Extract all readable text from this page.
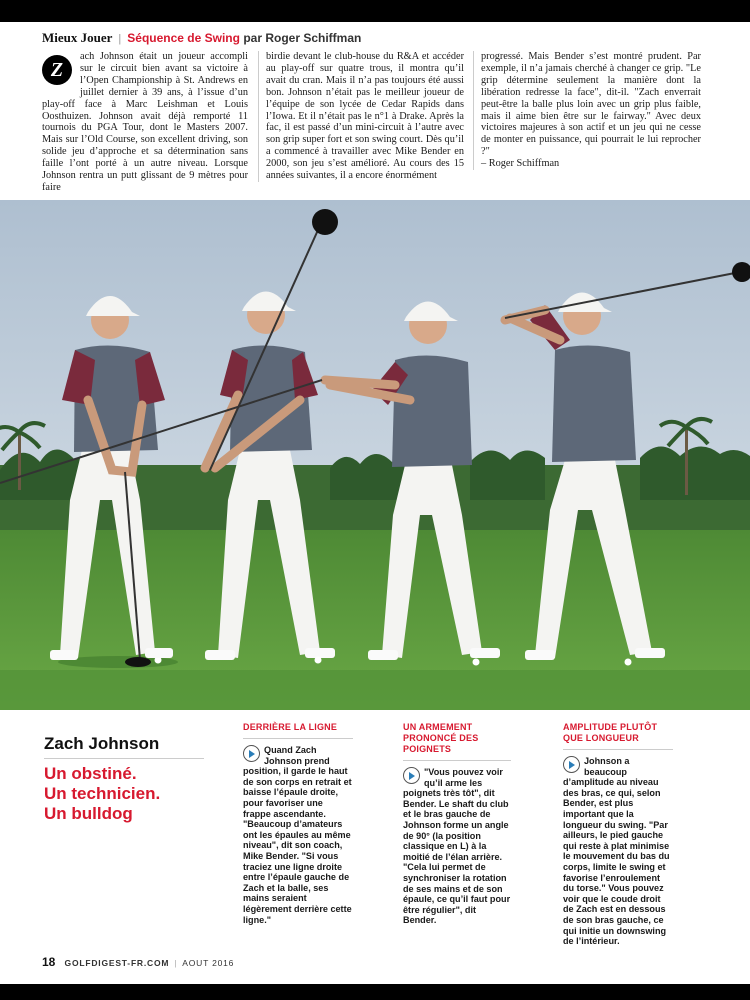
Mieux Jouer | Séquence de Swing par Roger Schiffman
Z

ach Johnson était un joueur accompli sur le circuit bien avant sa victoire à l’Open Championship à St. Andrews en juillet dernier à 39 ans, à l’issue d’un play-off face à Marc Leishman et Louis Oosthuizen. Johnson avait déjà remporté 11 tournois du PGA Tour, dont le Masters 2007. Mais sur l’Old Course, son excellent driving, son solide jeu d’approche et sa détermination sans faille l’ont porté à un autre niveau. Lorsque Johnson rentra un putt glissant de 9 mètres pour faire

birdie devant le club-house du R&A et accéder au play-off sur quatre trous, il montra qu’il avait du cran. Mais il n’a pas toujours été aussi bon. Johnson n’était pas le meilleur joueur de l’équipe de son lycée de Cedar Rapids dans l’Iowa. Et il n’était pas le n°1 à Drake. Après la fac, il est passé d’un mini-circuit à l’autre avec son grip super fort et son swing court. Dès qu’il a commencé à travailler avec Mike Bender en 2000, son jeu s’est amélioré. Au cours des 15 années suivantes, il a encore énormément

progressé. Mais Bender s’est montré prudent. Par exemple, il n’a jamais cherché à changer ce grip. "Le grip détermine seulement la manière dont la libération redresse la face", dit-il. "Zach enverrait peut-être la balle plus loin avec un grip plus faible, mais il aime bien être sur le fairway." Avec deux victoires majeures à son actif et un jeu qui ne cesse de monter en puissance, qui pourrait le lui reprocher ?"

– Roger Schiffman

Zach Johnson
Un obstiné.
Un technicien.
Un bulldog
DERRIÈRE LA LIGNE
Quand Zach Johnson prend position, il garde le haut de son corps en retrait et baisse l’épaule droite, pour favoriser une frappe ascendante. "Beaucoup d’amateurs ont les épaules au même niveau", dit son coach, Mike Bender. "Si vous traciez une ligne droite entre l’épaule gauche de Zach et la balle, ses mains seraient légèrement derrière cette ligne."
UN ARMEMENT PRONONCÉ DES POIGNETS
"Vous pouvez voir qu’il arme les poignets très tôt", dit Bender. Le shaft du club et le bras gauche de Johnson forme un angle de 90° (la position classique en L) à la moitié de l’élan arrière. "Cela lui permet de synchroniser la rotation de ses mains et de son épaule, ce qu’il faut pour être régulier", dit Bender.
AMPLITUDE PLUTÔT QUE LONGUEUR
Johnson a beaucoup d’amplitude au niveau des bras, ce qui, selon Bender, est plus important que la longueur du swing. "Par ailleurs, le pied gauche qui reste à plat minimise le mouvement du bas du corps, limite le swing et favorise l’enroulement du torse." Vous pouvez voir que le coude droit de Zach est en dessous de son bras gauche, ce qui initie un downswing de l’intérieur.
18 GOLFDIGEST-FR.COM | AOUT 2016
